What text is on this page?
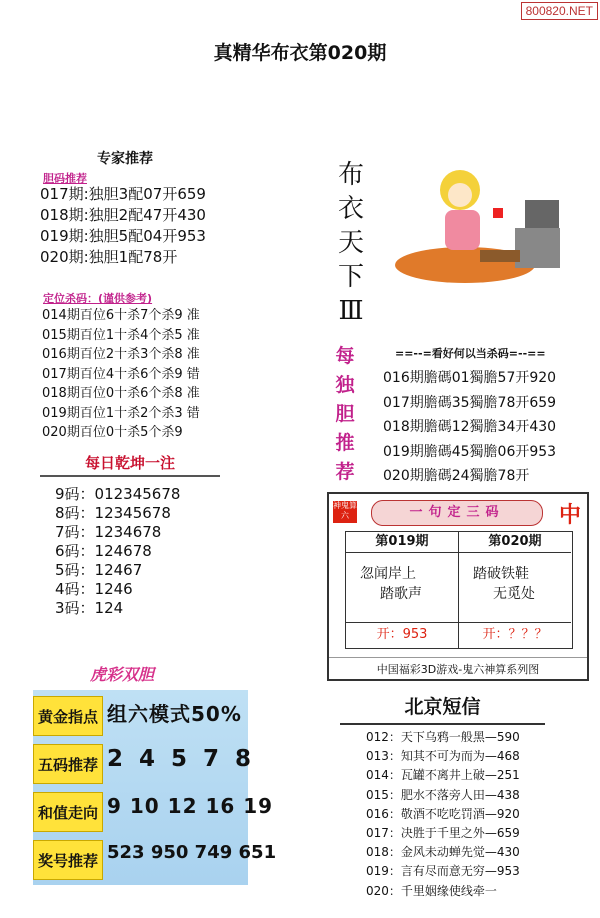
800820.NET
真精华布衣第020期
专家推荐
胆码推荐
017期:独胆3配07开659
018期:独胆2配47开430
019期:独胆5配04开953
020期:独胆1配78开
定位杀码：(谨供参考)
014期百位6十杀7个杀9 准
015期百位1十杀4个杀5 准
016期百位2十杀3个杀8 准
017期百位4十杀6个杀9 错
018期百位0十杀6个杀8 准
019期百位1十杀2个杀3 错
020期百位0十杀5个杀9
每日乾坤一注
9码：012345678
8码：12345678
7码：1234678
6码：124678
5码：12467
4码：1246
3码：124
虎彩双胆
黄金指点 组六模式50%
五码推荐 2 4 5 7 8
和值走向 9 10 12 16 19
奖号推荐 523 950 749 651
布衣天下Ⅲ
每独胆推荐
==--=看好何以当杀码=--==
016期膽碼01獨膽57开920
017期膽碼35獨膽78开659
018期膽碼12獨膽34开430
019期膽碼45獨膽06开953
020期膽碼24獨膽78开
神鬼算六	一句定三码	中
第019期
忽闻岸上
踏歌声
开：953
第020期
踏破铁鞋
无觅处
开：？？？
中国福彩3D游戏-鬼六神算系列图
北京短信
012：天下乌鸦一般黑—590
013：知其不可为而为—468
014：瓦罐不离井上破—251
015：肥水不落旁人田—438
016：敬酒不吃吃罚酒—920
017：决胜于千里之外—659
018：金风未动蝉先觉—430
019：言有尽而意无穷—953
020：千里姻缘使线牵一
